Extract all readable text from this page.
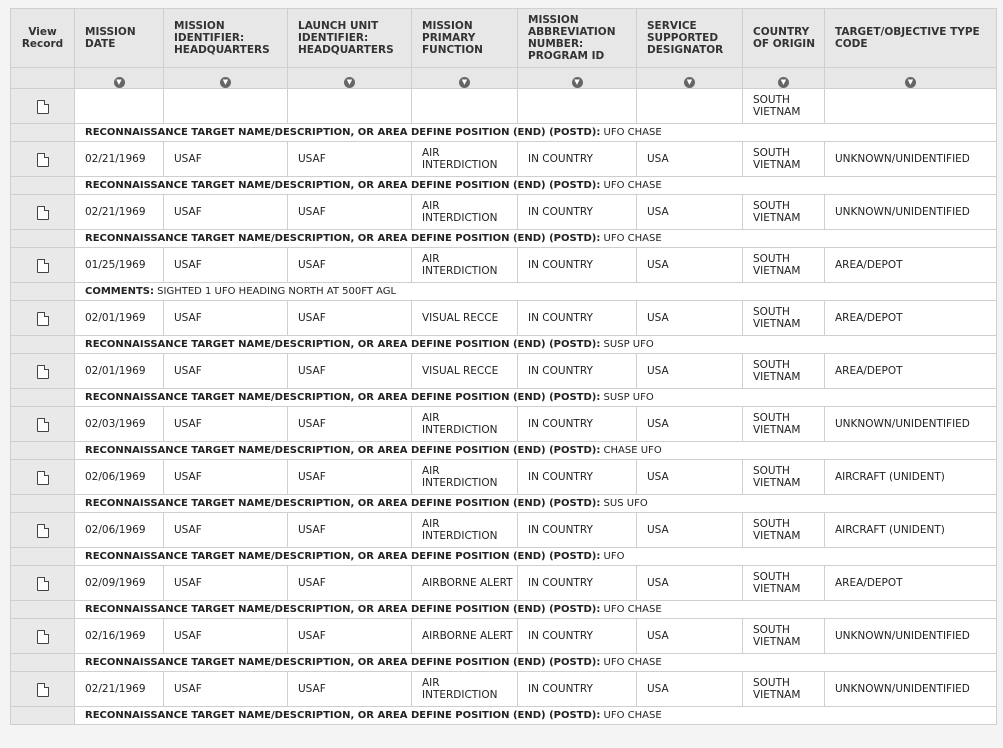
View Record	MISSION DATE	MISSION IDENTIFIER: HEADQUARTERS	LAUNCH UNIT IDENTIFIER: HEADQUARTERS	MISSION PRIMARY FUNCTION	MISSION ABBREVIATION NUMBER: PROGRAM ID	SERVICE SUPPORTED DESIGNATOR	COUNTRY OF ORIGIN	TARGET/OBJECTIVE TYPE CODE
	▼	▼	▼	▼	▼	▼	▼	▼
							SOUTH VIETNAM	
	RECONNAISSANCE TARGET NAME/DESCRIPTION, OR AREA DEFINE POSITION (END) (POSTD): UFO CHASE							
	02/21/1969	USAF	USAF	AIR INTERDICTION	IN COUNTRY	USA	SOUTH VIETNAM	UNKNOWN/UNIDENTIFIED
	RECONNAISSANCE TARGET NAME/DESCRIPTION, OR AREA DEFINE POSITION (END) (POSTD): UFO CHASE							
	02/21/1969	USAF	USAF	AIR INTERDICTION	IN COUNTRY	USA	SOUTH VIETNAM	UNKNOWN/UNIDENTIFIED
	RECONNAISSANCE TARGET NAME/DESCRIPTION, OR AREA DEFINE POSITION (END) (POSTD): UFO CHASE							
	01/25/1969	USAF	USAF	AIR INTERDICTION	IN COUNTRY	USA	SOUTH VIETNAM	AREA/DEPOT
	COMMENTS: SIGHTED 1 UFO HEADING NORTH AT 500FT AGL							
	02/01/1969	USAF	USAF	VISUAL RECCE	IN COUNTRY	USA	SOUTH VIETNAM	AREA/DEPOT
	RECONNAISSANCE TARGET NAME/DESCRIPTION, OR AREA DEFINE POSITION (END) (POSTD): SUSP UFO							
	02/01/1969	USAF	USAF	VISUAL RECCE	IN COUNTRY	USA	SOUTH VIETNAM	AREA/DEPOT
	RECONNAISSANCE TARGET NAME/DESCRIPTION, OR AREA DEFINE POSITION (END) (POSTD): SUSP UFO							
	02/03/1969	USAF	USAF	AIR INTERDICTION	IN COUNTRY	USA	SOUTH VIETNAM	UNKNOWN/UNIDENTIFIED
	RECONNAISSANCE TARGET NAME/DESCRIPTION, OR AREA DEFINE POSITION (END) (POSTD): CHASE UFO							
	02/06/1969	USAF	USAF	AIR INTERDICTION	IN COUNTRY	USA	SOUTH VIETNAM	AIRCRAFT (UNIDENT)
	RECONNAISSANCE TARGET NAME/DESCRIPTION, OR AREA DEFINE POSITION (END) (POSTD): SUS UFO							
	02/06/1969	USAF	USAF	AIR INTERDICTION	IN COUNTRY	USA	SOUTH VIETNAM	AIRCRAFT (UNIDENT)
	RECONNAISSANCE TARGET NAME/DESCRIPTION, OR AREA DEFINE POSITION (END) (POSTD): UFO							
	02/09/1969	USAF	USAF	AIRBORNE ALERT	IN COUNTRY	USA	SOUTH VIETNAM	AREA/DEPOT
	RECONNAISSANCE TARGET NAME/DESCRIPTION, OR AREA DEFINE POSITION (END) (POSTD): UFO CHASE							
	02/16/1969	USAF	USAF	AIRBORNE ALERT	IN COUNTRY	USA	SOUTH VIETNAM	UNKNOWN/UNIDENTIFIED
	RECONNAISSANCE TARGET NAME/DESCRIPTION, OR AREA DEFINE POSITION (END) (POSTD): UFO CHASE							
	02/21/1969	USAF	USAF	AIR INTERDICTION	IN COUNTRY	USA	SOUTH VIETNAM	UNKNOWN/UNIDENTIFIED
	RECONNAISSANCE TARGET NAME/DESCRIPTION, OR AREA DEFINE POSITION (END) (POSTD): UFO CHASE							
